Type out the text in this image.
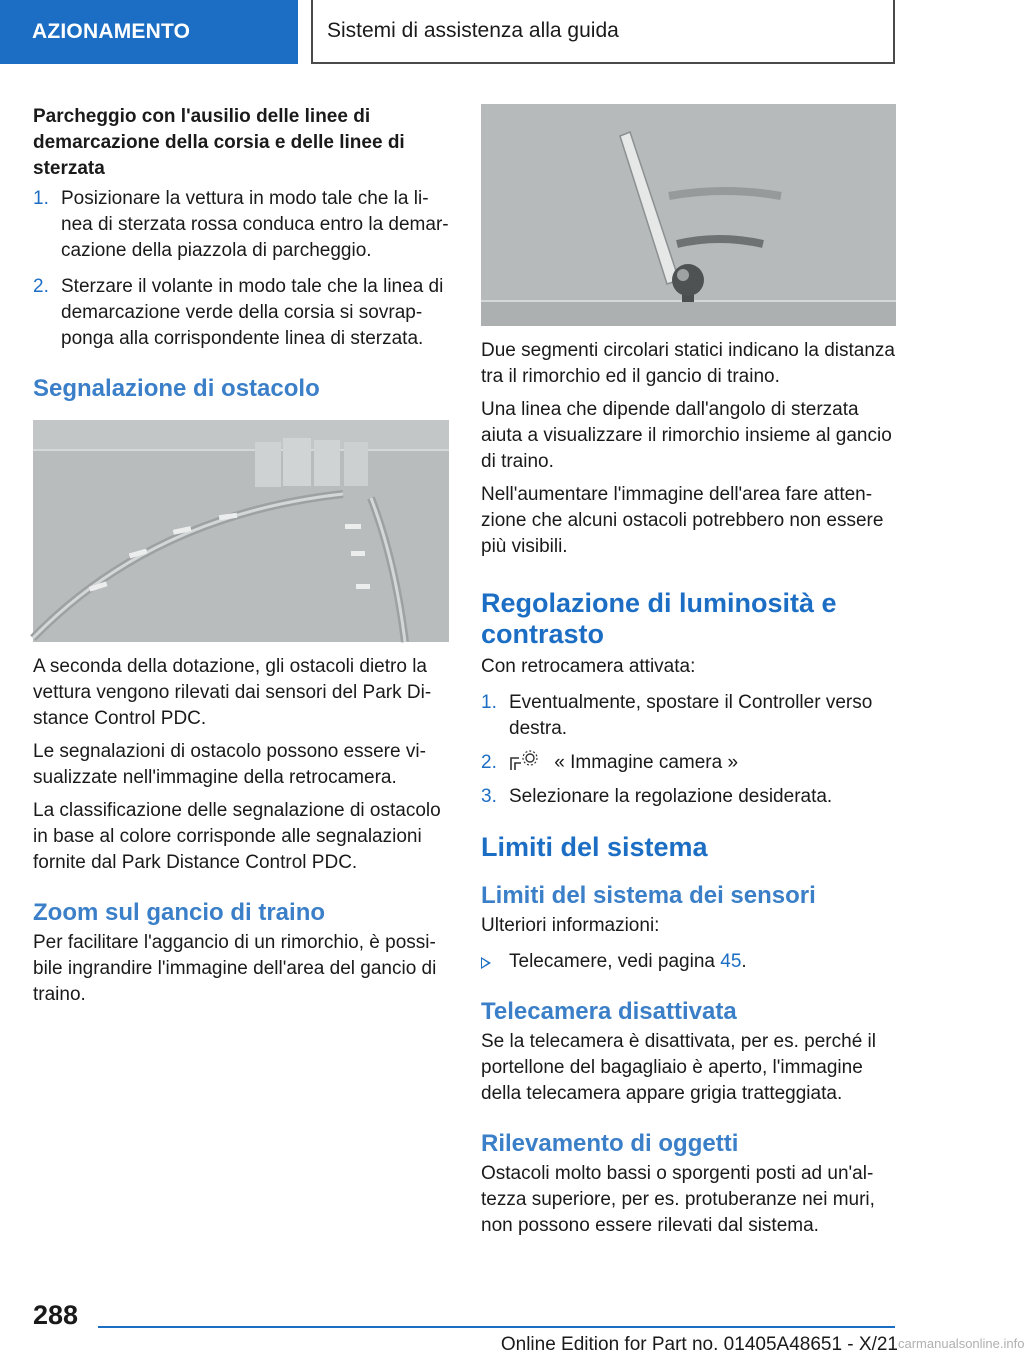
AZIONAMENTO	Sistemi di assistenza alla guida
Parcheggio con l'ausilio delle linee di demarcazione della corsia e delle linee di sterzata
1. Posizionare la vettura in modo tale che la linea di sterzata rossa conduca entro la demarcazione della piazzola di parcheggio.
2. Sterzare il volante in modo tale che la linea di demarcazione verde della corsia si sovrapponga alla corrispondente linea di sterzata.
Segnalazione di ostacolo

A seconda della dotazione, gli ostacoli dietro la vettura vengono rilevati dai sensori del Park Distance Control PDC.

Le segnalazioni di ostacolo possono essere visualizzate nell'immagine della retrocamera.

La classificazione delle segnalazione di ostacolo in base al colore corrisponde alle segnalazioni fornite dal Park Distance Control PDC.

Zoom sul gancio di traino

Per facilitare l'aggancio di un rimorchio, è possibile ingrandire l'immagine dell'area del gancio di traino.

Due segmenti circolari statici indicano la distanza tra il rimorchio ed il gancio di traino.

Una linea che dipende dall'angolo di sterzata aiuta a visualizzare il rimorchio insieme al gancio di traino.

Nell'aumentare l'immagine dell'area fare attenzione che alcuni ostacoli potrebbero non essere più visibili.

Regolazione di luminosità e contrasto

Con retrocamera attivata:

1. Eventualmente, spostare il Controller verso destra.
2.	« Immagine camera »
3. Selezionare la regolazione desiderata.
Limiti del sistema
Limiti del sistema dei sensori

Ulteriori informazioni:

Telecamere, vedi pagina 45.
Telecamera disattivata

Se la telecamera è disattivata, per es. perché il portellone del bagagliaio è aperto, l'immagine della telecamera appare grigia tratteggiata.

Rilevamento di oggetti

Ostacoli molto bassi o sporgenti posti ad un'altezza superiore, per es. protuberanze nei muri, non possono essere rilevati dal sistema.

288
Online Edition for Part no. 01405A48651 - X/21 carmanualsonline.info
